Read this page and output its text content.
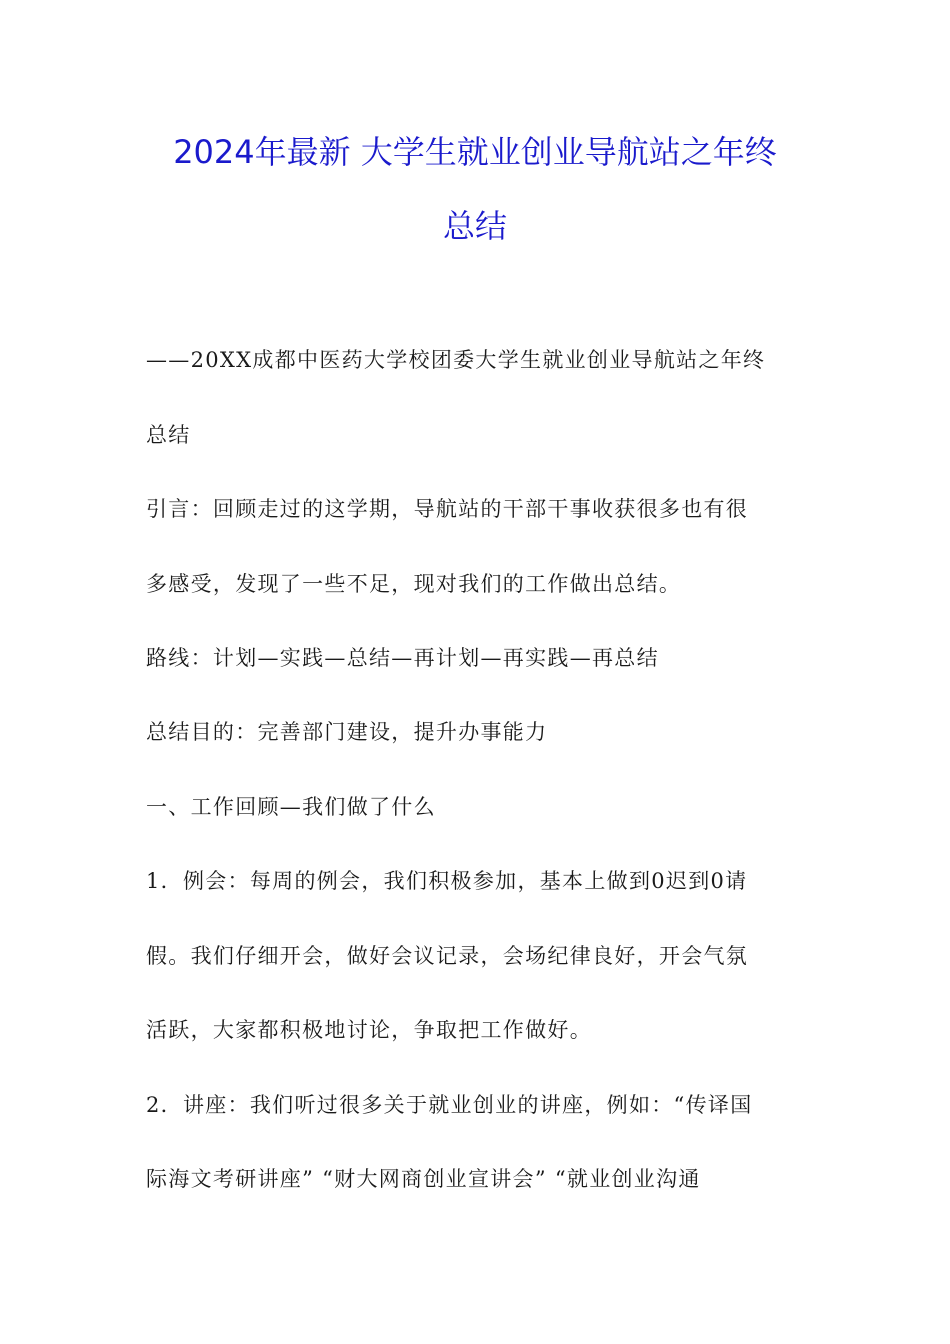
2024年最新 大学生就业创业导航站之年终
总结
——20XX成都中医药大学校团委大学生就业创业导航站之年终
总结
引言：回顾走过的这学期，导航站的干部干事收获很多也有很
多感受，发现了一些不足，现对我们的工作做出总结。
路线：计划—实践—总结—再计划—再实践—再总结
总结目的：完善部门建设，提升办事能力
一、工作回顾—我们做了什么
1．例会：每周的例会，我们积极参加，基本上做到0迟到0请
假。我们仔细开会，做好会议记录，会场纪律良好，开会气氛
活跃，大家都积极地讨论，争取把工作做好。
2．讲座：我们听过很多关于就业创业的讲座，例如：“传译国
际海文考研讲座” “财大网商创业宣讲会” “就业创业沟通
